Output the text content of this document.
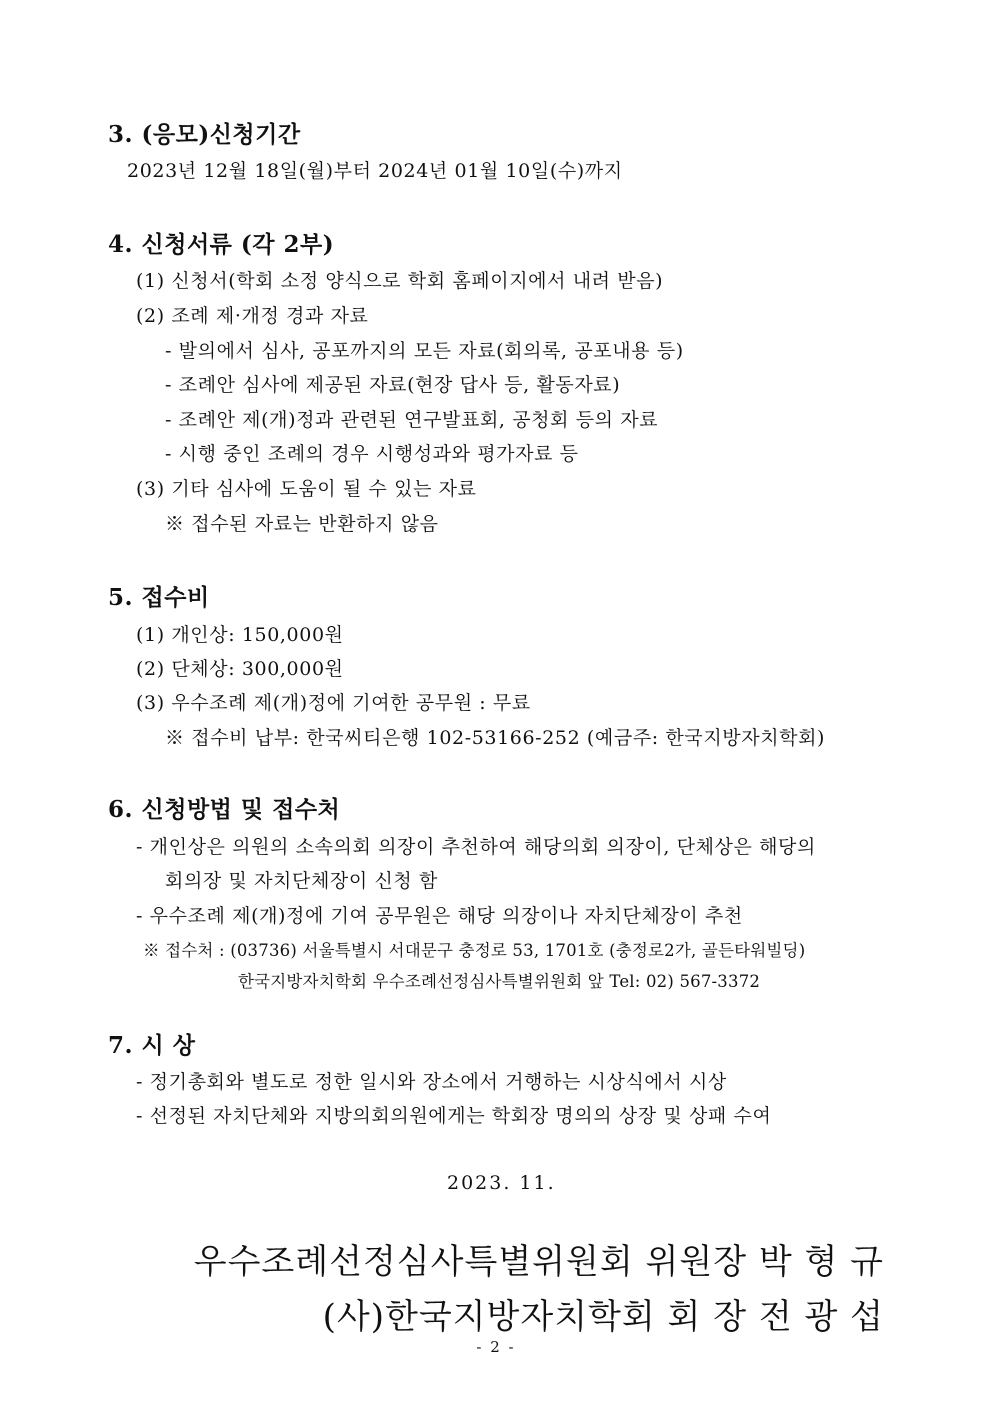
3. (응모)신청기간

2023년 12월 18일(월)부터 2024년 01월 10일(수)까지

4. 신청서류 (각 2부)

(1) 신청서(학회 소정 양식으로 학회 홈페이지에서 내려 받음)

(2) 조례 제·개정 경과 자료

- 발의에서 심사, 공포까지의 모든 자료(회의록, 공포내용 등)

- 조례안 심사에 제공된 자료(현장 답사 등, 활동자료)

- 조례안 제(개)정과 관련된 연구발표회, 공청회 등의 자료

- 시행 중인 조례의 경우 시행성과와 평가자료 등

(3) 기타 심사에 도움이 될 수 있는 자료

※ 접수된 자료는 반환하지 않음

5. 접수비

(1) 개인상: 150,000원

(2) 단체상: 300,000원

(3) 우수조례 제(개)정에 기여한 공무원 : 무료

※ 접수비 납부: 한국씨티은행 102-53166-252 (예금주: 한국지방자치학회)

6. 신청방법 및 접수처

- 개인상은 의원의 소속의회 의장이 추천하여 해당의회 의장이, 단체상은 해당의

회의장 및 자치단체장이 신청 함

- 우수조례 제(개)정에 기여 공무원은 해당 의장이나 자치단체장이 추천

※ 접수처 : (03736) 서울특별시 서대문구 충정로 53, 1701호 (충정로2가, 골든타워빌딩)

한국지방자치학회 우수조례선정심사특별위원회 앞 Tel: 02) 567-3372

7. 시 상

- 정기총회와 별도로 정한 일시와 장소에서 거행하는 시상식에서 시상

- 선정된 자치단체와 지방의회의원에게는 학회장 명의의 상장 및 상패 수여

2023. 11.

우수조례선정심사특별위원회 위원장 박 형 규

(사)한국지방자치학회 회 장 전 광 섭

- 2 -
